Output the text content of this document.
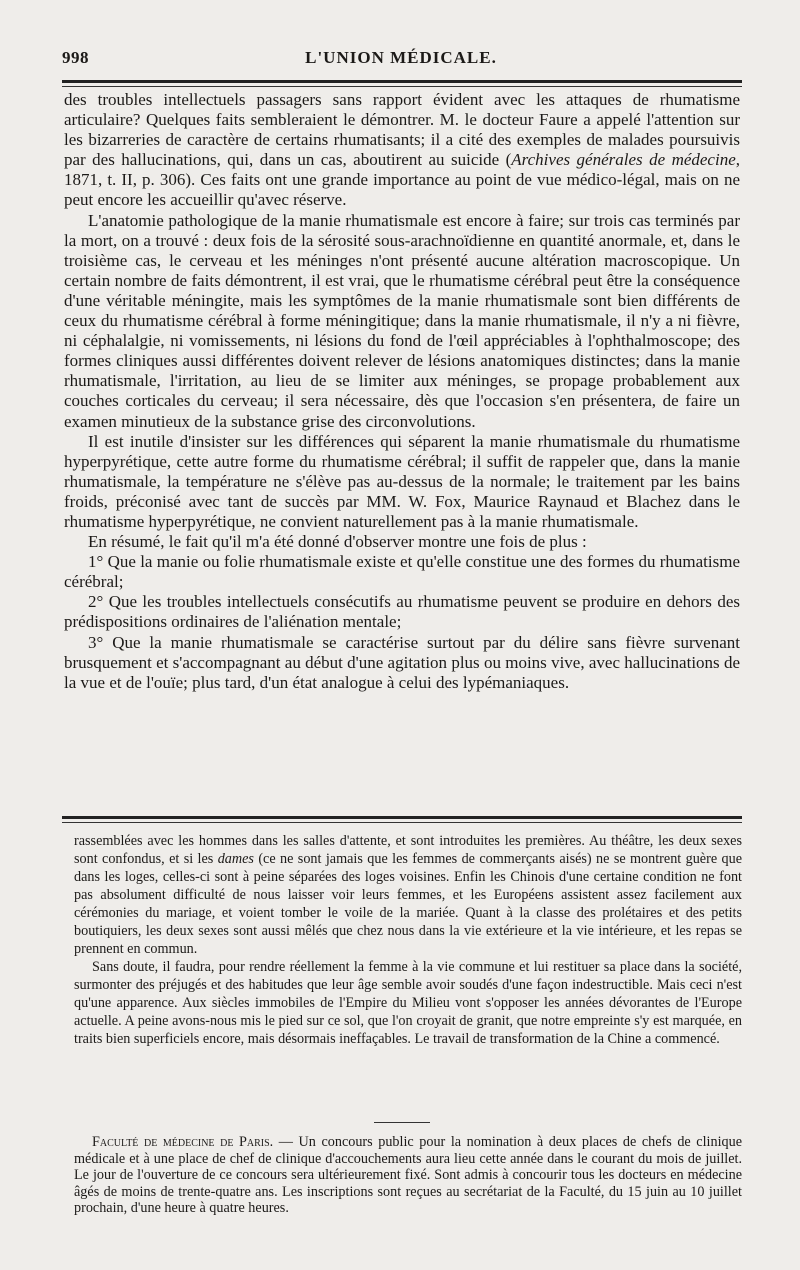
998	L'UNION MÉDICALE.

des troubles intellectuels passagers sans rapport évident avec les attaques de rhumatisme articulaire? Quelques faits sembleraient le démontrer. M. le docteur Faure a appelé l'attention sur les bizarreries de caractère de certains rhumatisants; il a cité des exemples de malades poursuivis par des hallucinations, qui, dans un cas, aboutirent au suicide (Archives générales de médecine, 1871, t. II, p. 306). Ces faits ont une grande importance au point de vue médico-légal, mais on ne peut encore les accueillir qu'avec réserve.

L'anatomie pathologique de la manie rhumatismale est encore à faire; sur trois cas terminés par la mort, on a trouvé : deux fois de la sérosité sous-arachnoïdienne en quantité anormale, et, dans le troisième cas, le cerveau et les méninges n'ont présenté aucune altération macroscopique. Un certain nombre de faits démontrent, il est vrai, que le rhumatisme cérébral peut être la conséquence d'une véritable méningite, mais les symptômes de la manie rhumatismale sont bien différents de ceux du rhumatisme cérébral à forme méningitique; dans la manie rhumatismale, il n'y a ni fièvre, ni céphalalgie, ni vomissements, ni lésions du fond de l'œil appréciables à l'ophthalmoscope; des formes cliniques aussi différentes doivent relever de lésions anatomiques distinctes; dans la manie rhumatismale, l'irritation, au lieu de se limiter aux méninges, se propage probablement aux couches corticales du cerveau; il sera nécessaire, dès que l'occasion s'en présentera, de faire un examen minutieux de la substance grise des circonvolutions.

Il est inutile d'insister sur les différences qui séparent la manie rhumatismale du rhumatisme hyperpyrétique, cette autre forme du rhumatisme cérébral; il suffit de rappeler que, dans la manie rhumatismale, la température ne s'élève pas au-dessus de la normale; le traitement par les bains froids, préconisé avec tant de succès par MM. W. Fox, Maurice Raynaud et Blachez dans le rhumatisme hyperpyrétique, ne convient naturellement pas à la manie rhumatismale.

En résumé, le fait qu'il m'a été donné d'observer montre une fois de plus :

1° Que la manie ou folie rhumatismale existe et qu'elle constitue une des formes du rhumatisme cérébral;

2° Que les troubles intellectuels consécutifs au rhumatisme peuvent se produire en dehors des prédispositions ordinaires de l'aliénation mentale;

3° Que la manie rhumatismale se caractérise surtout par du délire sans fièvre survenant brusquement et s'accompagnant au début d'une agitation plus ou moins vive, avec hallucinations de la vue et de l'ouïe; plus tard, d'un état analogue à celui des lypémaniaques.

rassemblées avec les hommes dans les salles d'attente, et sont introduites les premières. Au théâtre, les deux sexes sont confondus, et si les dames (ce ne sont jamais que les femmes de commerçants aisés) ne se montrent guère que dans les loges, celles-ci sont à peine séparées des loges voisines. Enfin les Chinois d'une certaine condition ne font pas absolument difficulté de nous laisser voir leurs femmes, et les Européens assistent assez facilement aux cérémonies du mariage, et voient tomber le voile de la mariée. Quant à la classe des prolétaires et des petits boutiquiers, les deux sexes sont aussi mêlés que chez nous dans la vie extérieure et la vie intérieure, et les repas se prennent en commun.

Sans doute, il faudra, pour rendre réellement la femme à la vie commune et lui restituer sa place dans la société, surmonter des préjugés et des habitudes que leur âge semble avoir soudés d'une façon indestructible. Mais ceci n'est qu'une apparence. Aux siècles immobiles de l'Empire du Milieu vont s'opposer les années dévorantes de l'Europe actuelle. A peine avons-nous mis le pied sur ce sol, que l'on croyait de granit, que notre empreinte s'y est marquée, en traits bien superficiels encore, mais désormais ineffaçables. Le travail de transformation de la Chine a commencé.

Faculté de médecine de Paris. — Un concours public pour la nomination à deux places de chefs de clinique médicale et à une place de chef de clinique d'accouchements aura lieu cette année dans le courant du mois de juillet. Le jour de l'ouverture de ce concours sera ultérieurement fixé. Sont admis à concourir tous les docteurs en médecine âgés de moins de trente-quatre ans. Les inscriptions sont reçues au secrétariat de la Faculté, du 15 juin au 10 juillet prochain, d'une heure à quatre heures.
